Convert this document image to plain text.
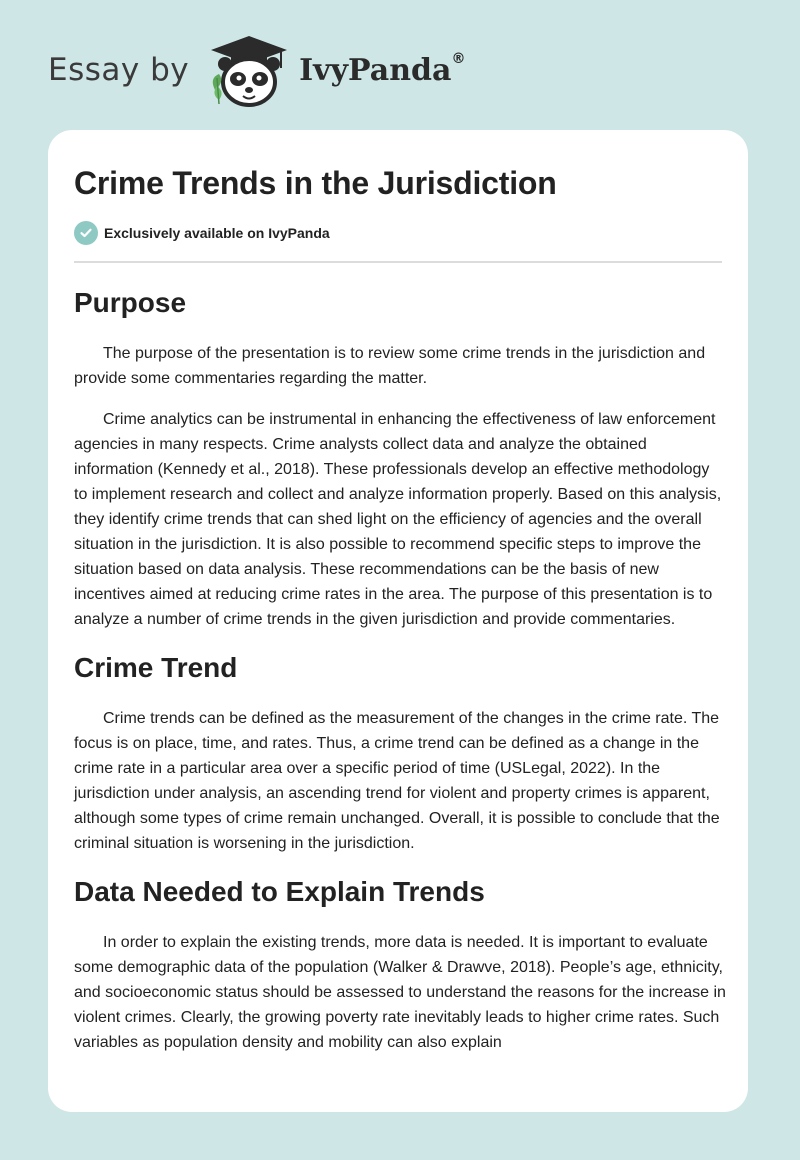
Essay by	IvyPanda®
Crime Trends in the Jurisdiction
Exclusively available on IvyPanda
Purpose

The purpose of the presentation is to review some crime trends in the jurisdiction and provide some commentaries regarding the matter.

Crime analytics can be instrumental in enhancing the effectiveness of law enforcement agencies in many respects. Crime analysts collect data and analyze the obtained information (Kennedy et al., 2018). These professionals develop an effective methodology to implement research and collect and analyze information properly. Based on this analysis, they identify crime trends that can shed light on the efficiency of agencies and the overall situation in the jurisdiction. It is also possible to recommend specific steps to improve the situation based on data analysis. These recommendations can be the basis of new incentives aimed at reducing crime rates in the area. The purpose of this presentation is to analyze a number of crime trends in the given jurisdiction and provide commentaries.

Crime Trend

Crime trends can be defined as the measurement of the changes in the crime rate. The focus is on place, time, and rates. Thus, a crime trend can be defined as a change in the crime rate in a particular area over a specific period of time (USLegal, 2022). In the jurisdiction under analysis, an ascending trend for violent and property crimes is apparent, although some types of crime remain unchanged. Overall, it is possible to conclude that the criminal situation is worsening in the jurisdiction.

Data Needed to Explain Trends

In order to explain the existing trends, more data is needed. It is important to evaluate some demographic data of the population (Walker & Drawve, 2018). People’s age, ethnicity, and socioeconomic status should be assessed to understand the reasons for the increase in violent crimes. Clearly, the growing poverty rate inevitably leads to higher crime rates. Such variables as population density and mobility can also explain
